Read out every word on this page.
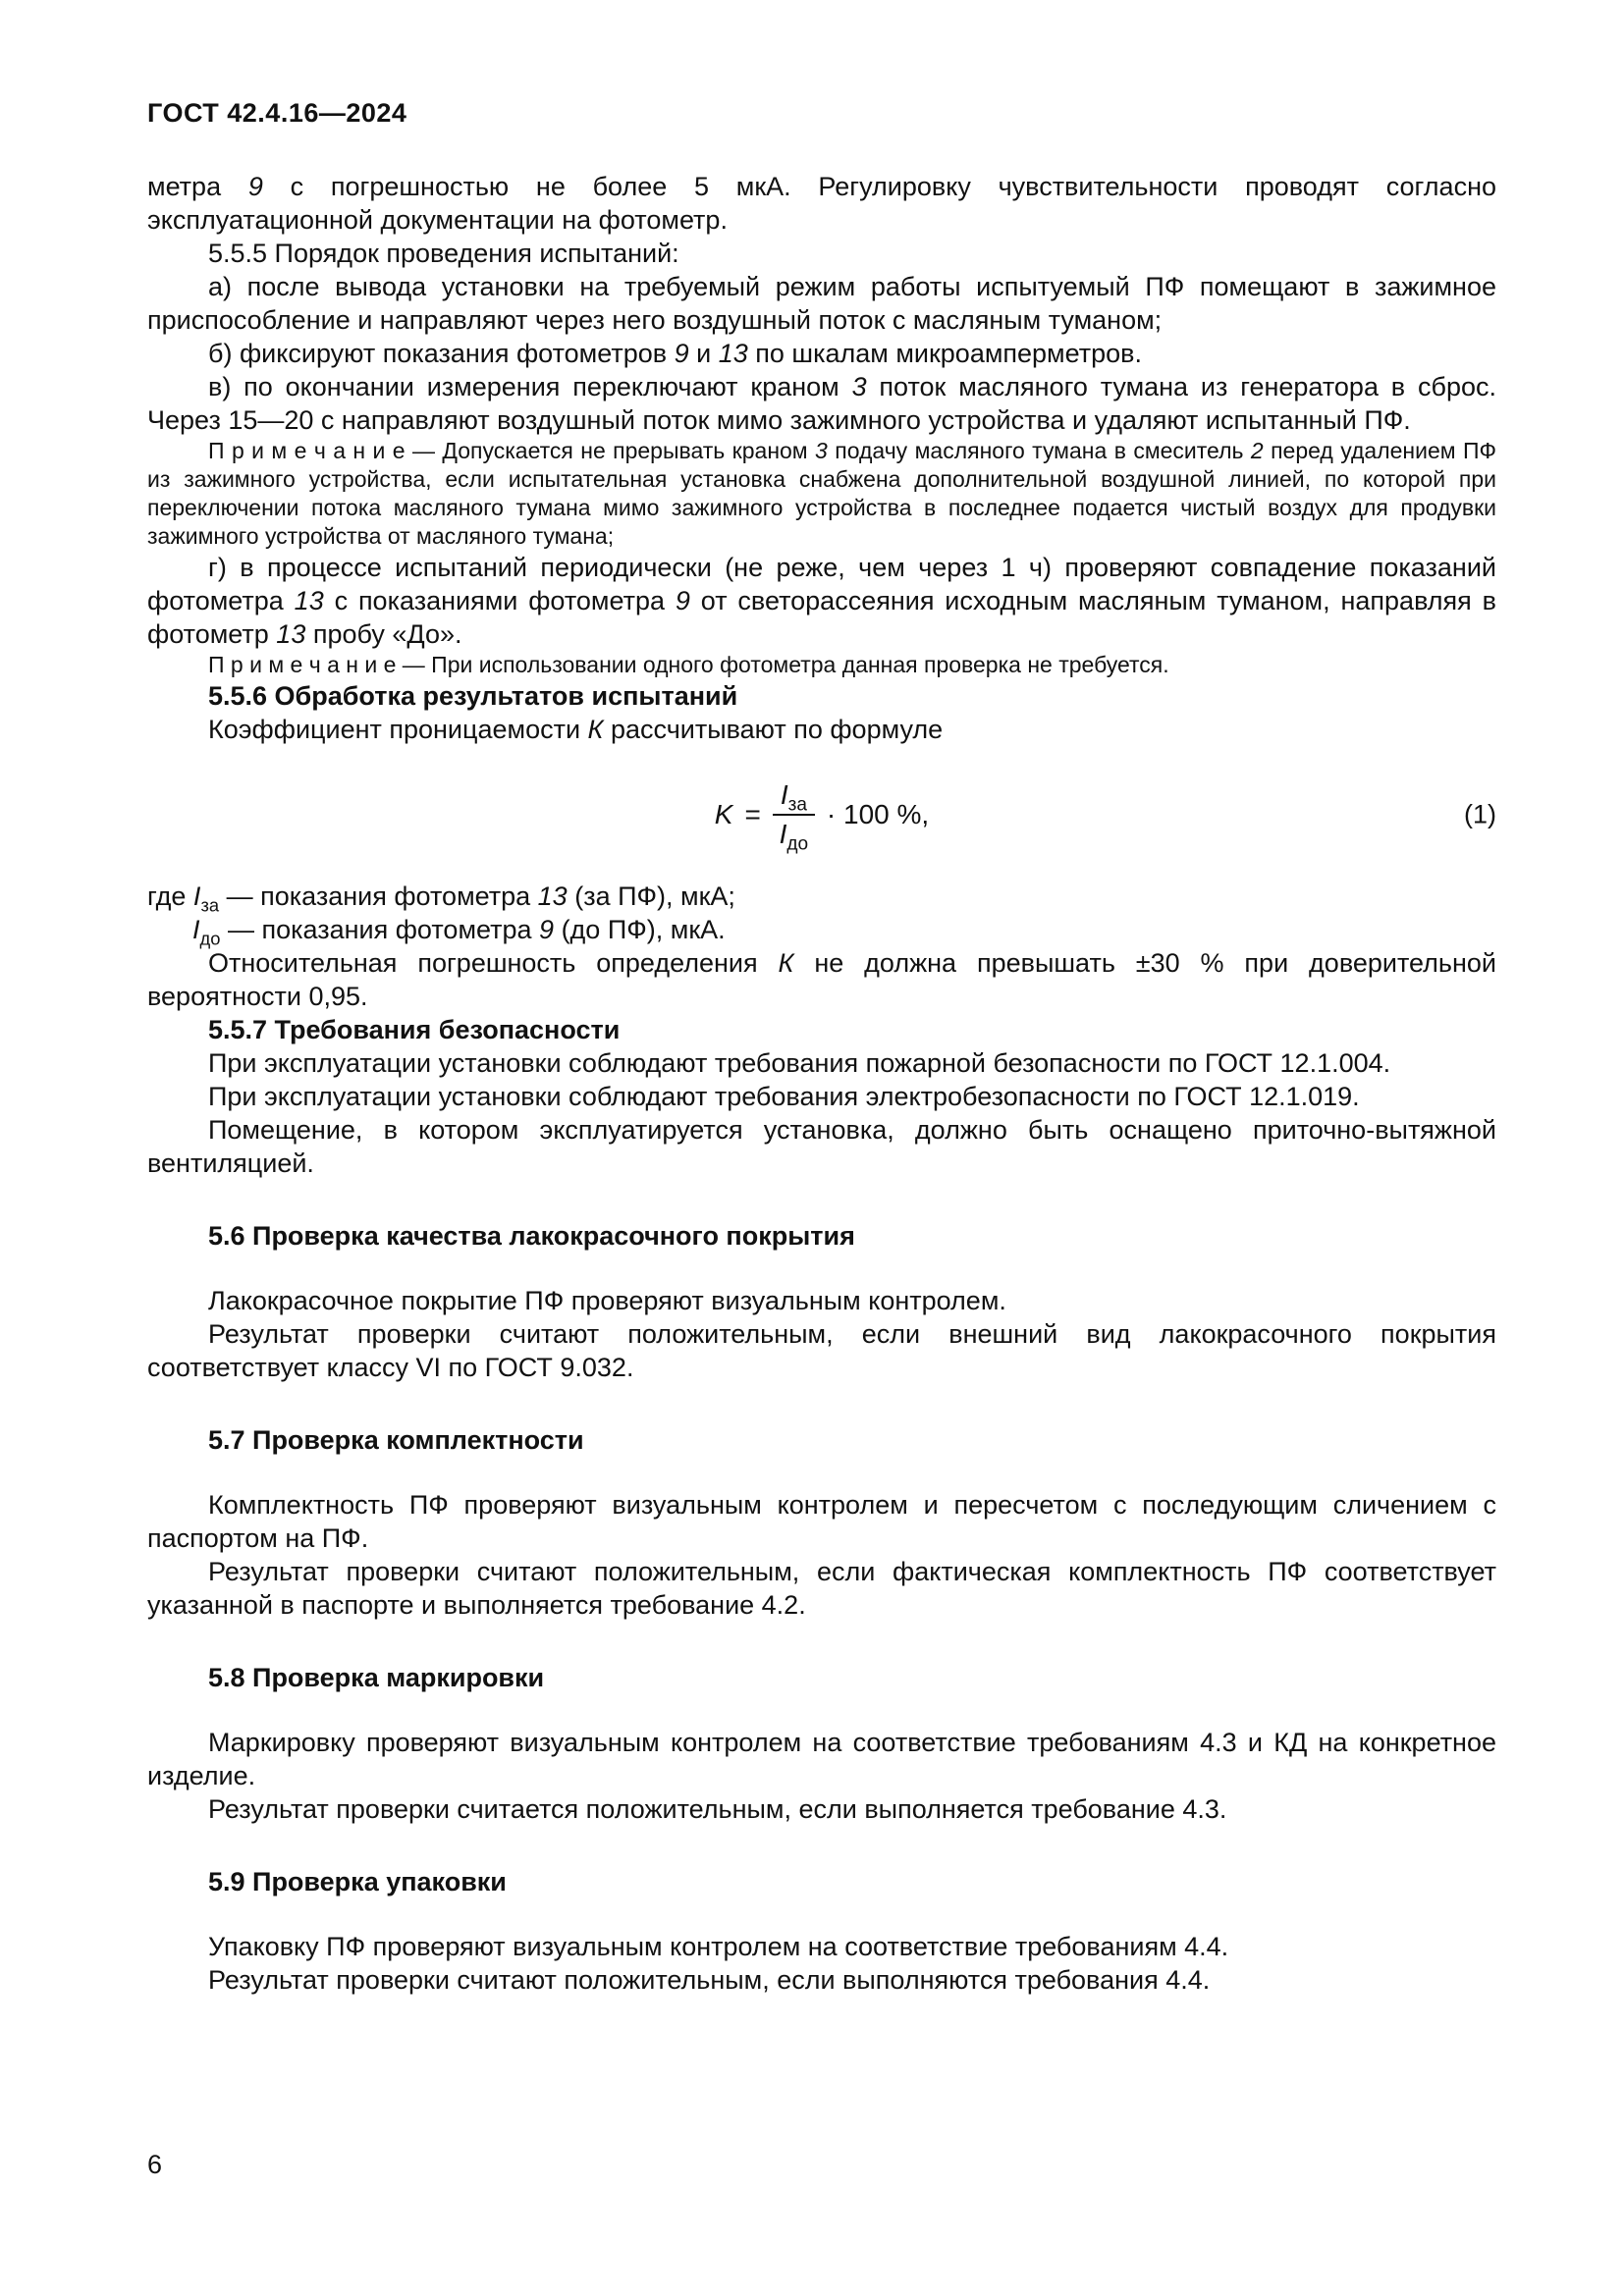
ГОСТ 42.4.16—2024

метра 9 с погрешностью не более 5 мкА. Регулировку чувствительности проводят согласно эксплуатационной документации на фотометр.

5.5.5 Порядок проведения испытаний:

а) после вывода установки на требуемый режим работы испытуемый ПФ помещают в зажимное приспособление и направляют через него воздушный поток с масляным туманом;

б) фиксируют показания фотометров 9 и 13 по шкалам микроамперметров.

в) по окончании измерения переключают краном 3 поток масляного тумана из генератора в сброс. Через 15—20 с направляют воздушный поток мимо зажимного устройства и удаляют испытанный ПФ.

П р и м е ч а н и е — Допускается не прерывать краном 3 подачу масляного тумана в смеситель 2 перед удалением ПФ из зажимного устройства, если испытательная установка снабжена дополнительной воздушной линией, по которой при переключении потока масляного тумана мимо зажимного устройства в последнее подается чистый воздух для продувки зажимного устройства от масляного тумана;

г) в процессе испытаний периодически (не реже, чем через 1 ч) проверяют совпадение показаний фотометра 13 с показаниями фотометра 9 от светорассеяния исходным масляным туманом, направляя в фотометр 13 пробу «До».

П р и м е ч а н и е — При использовании одного фотометра данная проверка не требуется.

5.5.6 Обработка результатов испытаний

Коэффициент проницаемости К рассчитывают по формуле

$K = \frac{I_{за}}{I_{до}} \cdot 100$ %,	(1)

где $I_{за}$ — показания фотометра 13 (за ПФ), мкА;

$I_{до}$ — показания фотометра 9 (до ПФ), мкА.

Относительная погрешность определения К не должна превышать ±30 % при доверительной вероятности 0,95.

5.5.7 Требования безопасности

При эксплуатации установки соблюдают требования пожарной безопасности по ГОСТ 12.1.004.

При эксплуатации установки соблюдают требования электробезопасности по ГОСТ 12.1.019.

Помещение, в котором эксплуатируется установка, должно быть оснащено приточно-вытяжной вентиляцией.

5.6 Проверка качества лакокрасочного покрытия

Лакокрасочное покрытие ПФ проверяют визуальным контролем.

Результат проверки считают положительным, если внешний вид лакокрасочного покрытия соответствует классу VI по ГОСТ 9.032.

5.7 Проверка комплектности

Комплектность ПФ проверяют визуальным контролем и пересчетом с последующим сличением с паспортом на ПФ.

Результат проверки считают положительным, если фактическая комплектность ПФ соответствует указанной в паспорте и выполняется требование 4.2.

5.8 Проверка маркировки

Маркировку проверяют визуальным контролем на соответствие требованиям 4.3 и КД на конкретное изделие.

Результат проверки считается положительным, если выполняется требование 4.3.

5.9 Проверка упаковки

Упаковку ПФ проверяют визуальным контролем на соответствие требованиям 4.4.

Результат проверки считают положительным, если выполняются требования 4.4.

6
